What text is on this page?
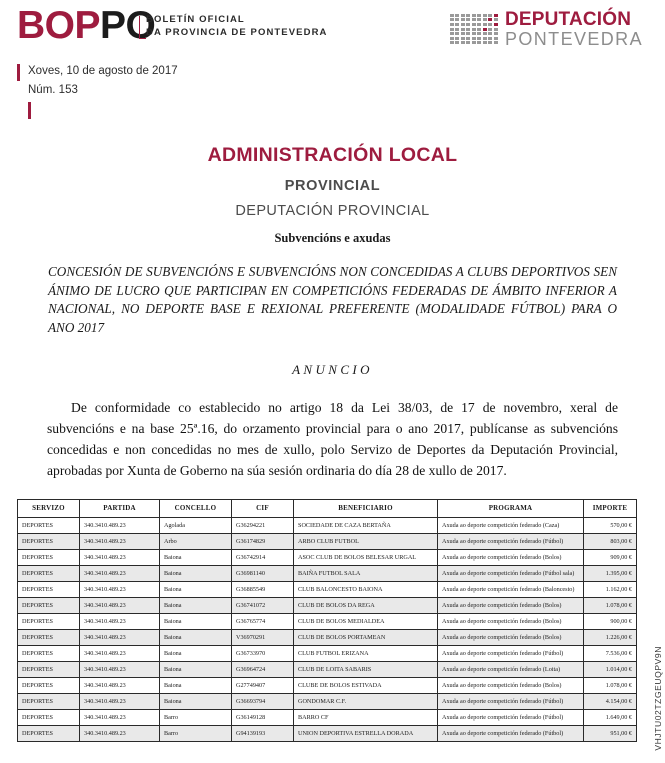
BOPPO
BOLETÍN OFICIAL
DA PROVINCIA DE PONTEVEDRA
DEPUTACIÓN
PONTEVEDRA
Xoves, 10 de agosto de 2017
Núm. 153
ADMINISTRACIÓN LOCAL
PROVINCIAL
DEPUTACIÓN PROVINCIAL
Subvencións e axudas
CONCESIÓN DE SUBVENCIÓNS E SUBVENCIÓNS NON CONCEDIDAS A CLUBS DEPORTIVOS SEN ÁNIMO DE LUCRO QUE PARTICIPAN EN COMPETICIÓNS FEDERADAS DE ÁMBITO INFERIOR A NACIONAL, NO DEPORTE BASE E REXIONAL PREFERENTE (MODALIDADE FÚTBOL) PARA O ANO 2017
ANUNCIO
De conformidade co establecido no artigo 18 da Lei 38/03, de 17 de novembro, xeral de subvencións e na base 25ª.16, do orzamento provincial para o ano 2017, publícanse as subvencións concedidas e non concedidas no mes de xullo, polo Servizo de Deportes da Deputación Provincial, aprobadas por Xunta de Goberno na súa sesión ordinaria do día 28 de xullo de 2017.
SERVIZO	PARTIDA	CONCELLO	CIF	BENEFICIARIO	PROGRAMA	IMPORTE
DEPORTES	340.3410.489.23	Agolada	G36294221	SOCIEDADE DE CAZA BERTAÑA	Axuda ao deporte competición federado (Caza)	570,00 €
DEPORTES	340.3410.489.23	Arbo	G36174829	ARBO CLUB FUTBOL	Axuda ao deporte competición federado (Fútbol)	803,00 €
DEPORTES	340.3410.489.23	Baiona	G36742914	ASOC CLUB DE BOLOS BELESAR URGAL	Axuda ao deporte competición federado (Bolos)	909,00 €
DEPORTES	340.3410.489.23	Baiona	G36981140	BAIÑA FUTBOL SALA	Axuda ao deporte competición federado (Fútbol sala)	1.395,00 €
DEPORTES	340.3410.489.23	Baiona	G36885549	CLUB BALONCESTO BAIONA	Axuda ao deporte competición federado (Baloncesto)	1.162,00 €
DEPORTES	340.3410.489.23	Baiona	G36741072	CLUB DE BOLOS DA REGA	Axuda ao deporte competición federado (Bolos)	1.078,00 €
DEPORTES	340.3410.489.23	Baiona	G36765774	CLUB DE BOLOS MEDIALDEA	Axuda ao deporte competición federado (Bolos)	900,00 €
DEPORTES	340.3410.489.23	Baiona	V36970291	CLUB DE BOLOS PORTAMEAN	Axuda ao deporte competición federado (Bolos)	1.226,00 €
DEPORTES	340.3410.489.23	Baiona	G36733970	CLUB FUTBOL ERIZANA	Axuda ao deporte competición federado (Fútbol)	7.536,00 €
DEPORTES	340.3410.489.23	Baiona	G36964724	CLUB DE LOITA SABARIS	Axuda ao deporte competición federado (Loita)	1.014,00 €
DEPORTES	340.3410.489.23	Baiona	G27749407	CLUBE DE BOLOS ESTIVADA	Axuda ao deporte competición federado (Bolos)	1.078,00 €
DEPORTES	340.3410.489.23	Baiona	G36693794	GONDOMAR C.F.	Axuda ao deporte competición federado (Fútbol)	4.154,00 €
DEPORTES	340.3410.489.23	Barro	G36149128	BARRO CF	Axuda ao deporte competición federado (Fútbol)	1.649,00 €
DEPORTES	340.3410.489.23	Barro	G94139193	UNION DEPORTIVA ESTRELLA DORADA	Axuda ao deporte competición federado (Fútbol)	951,00 € VHJTU02TZGEUQPV9N
